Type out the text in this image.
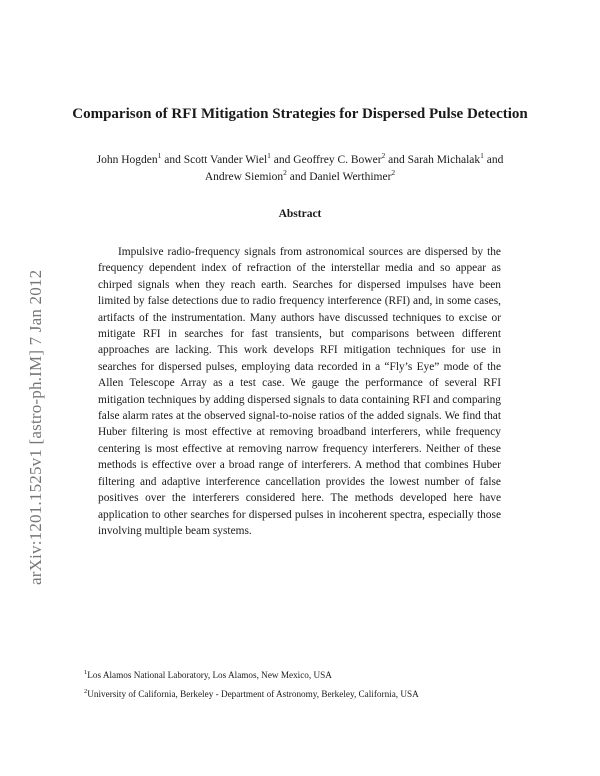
arXiv:1201.1525v1 [astro-ph.IM] 7 Jan 2012
Comparison of RFI Mitigation Strategies for Dispersed Pulse Detection
John Hogden$^1$ and Scott Vander Wiel$^1$ and Geoffrey C. Bower$^2$ and Sarah Michalak$^1$ and
Andrew Siemion$^2$ and Daniel Werthimer$^2$
Abstract

Impulsive radio-frequency signals from astronomical sources are dispersed by the frequency dependent index of refraction of the interstellar media and so appear as chirped signals when they reach earth. Searches for dispersed impulses have been limited by false detections due to radio frequency interference (RFI) and, in some cases, artifacts of the instrumentation. Many authors have discussed techniques to excise or mitigate RFI in searches for fast transients, but comparisons between different approaches are lacking. This work develops RFI mitigation techniques for use in searches for dispersed pulses, employing data recorded in a “Fly’s Eye” mode of the Allen Telescope Array as a test case. We gauge the performance of several RFI mitigation techniques by adding dispersed signals to data containing RFI and comparing false alarm rates at the observed signal-to-noise ratios of the added signals. We find that Huber filtering is most effective at removing broadband interferers, while frequency centering is most effective at removing narrow frequency interferers. Neither of these methods is effective over a broad range of interferers. A method that combines Huber filtering and adaptive interference cancellation provides the lowest number of false positives over the interferers considered here. The methods developed here have application to other searches for dispersed pulses in incoherent spectra, especially those involving multiple beam systems.

$^1$Los Alamos National Laboratory, Los Alamos, New Mexico, USA
$^2$University of California, Berkeley - Department of Astronomy, Berkeley, California, USA
